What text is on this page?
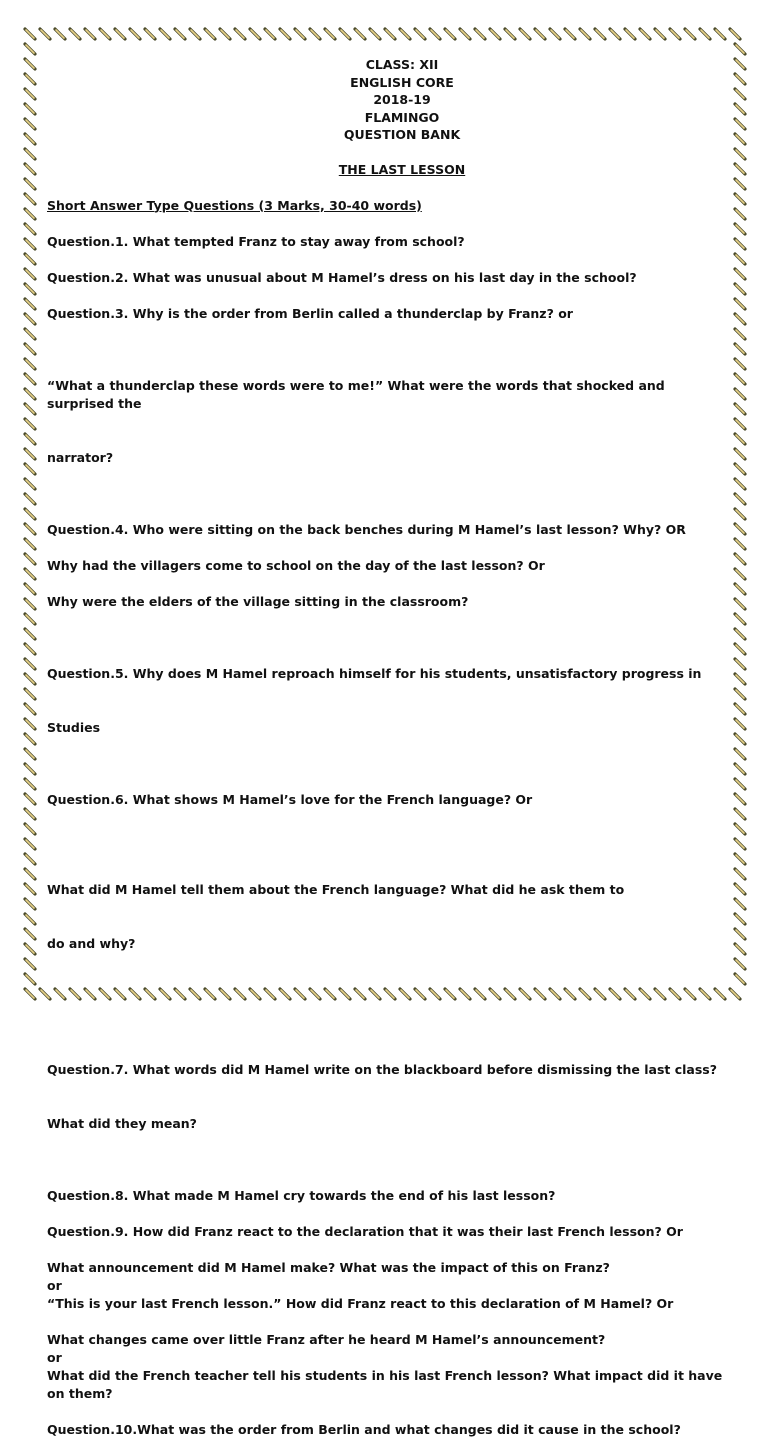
CLASS: XII
ENGLISH CORE
2018-19
FLAMINGO
QUESTION BANK
THE LAST LESSON
Short Answer Type Questions (3 Marks, 30-40 words)

Question.1. What tempted Franz to stay away from school?

Question.2. What was unusual about M Hamel’s dress on his last day in the school?

Question.3. Why is the order from Berlin called a thunderclap by Franz? or

“What a thunderclap these words were to me!” What were the words that shocked and surprised the

narrator?

Question.4. Who were sitting on the back benches during M Hamel’s last lesson? Why? OR

Why had the villagers come to school on the day of the last lesson? Or

Why were the elders of the village sitting in the classroom?

Question.5. Why does M Hamel reproach himself for his students, unsatisfactory progress in

Studies

Question.6. What shows M Hamel’s love for the French language? Or

What did M Hamel tell them about the French language? What did he ask them to

do and why?

Question.7. What words did M Hamel write on the blackboard before dismissing the last class?

What did they mean?

Question.8. What made M Hamel cry towards the end of his last lesson?

Question.9. How did Franz react to the declaration that it was their last French lesson? Or

What announcement did M Hamel make? What was the impact of this on Franz?

or

“This is your last French lesson.” How did Franz react to this declaration of M Hamel? Or

What changes came over little Franz after he heard M Hamel’s announcement?

or

What did the French teacher tell his students in his last French lesson? What impact did it have on them?

Question.10.What was the order from Berlin and what changes did it cause in the school?
